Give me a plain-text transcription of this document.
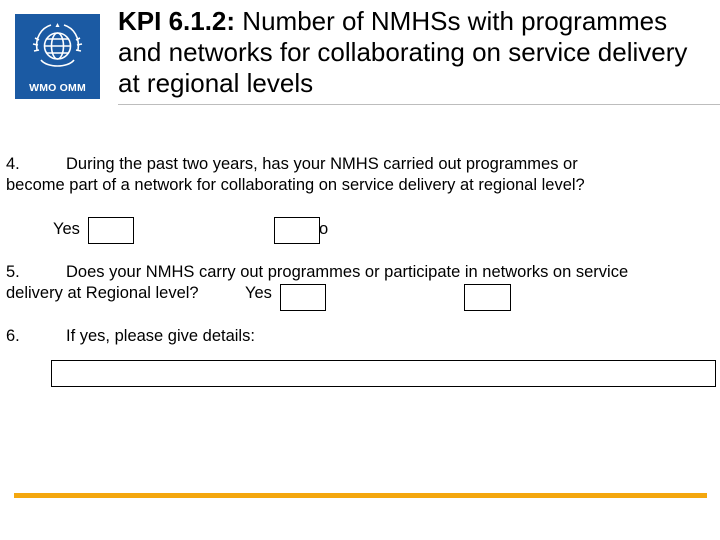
WMO OMM
KPI 6.1.2: Number of NMHSs with programmes and networks for collaborating on service delivery at regional levels
4.	During the past two years, has your NMHS carried out programmes or
become part of a network for collaborating on service delivery at regional level?
Yes	o
5.	Does your NMHS carry out programmes or participate in networks on service
delivery at Regional level?	Yes
6.	If yes, please give details:
